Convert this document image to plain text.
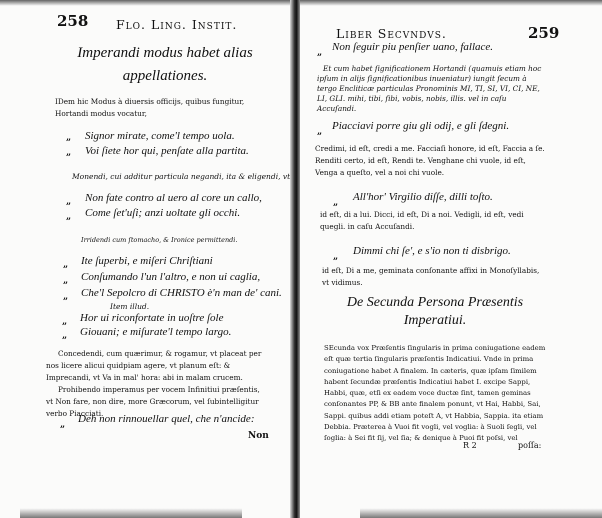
258 Flo. Ling. Instit.
Imperandi modus habet alias
appellationes.
IDem hic Modus à diuersis officijs, quibus fungitur, Hortandi modus vocatur,
„ Signor mirate, come'l tempo uola.
„ Voi ſiete hor qui, penſate alla partita.
Monendi, cui additur particula negandi, ita & eligendi, vt
„ Non fate contro al uero al core un callo,
„ Come ſet'uſi; anzi uoltate gli occhi.
Irridendi cum ſtomacho, & Ironice permittendi.
„ Ite ſuperbi, e miſeri Chriſtiani
„ Conſumando l'un l'altro, e non ui caglia,
„ Che'l Sepolcro di CHRISTO è'n man de' cani.
Item illud.
„ Hor ui riconfortate in uoſtre ſole
„ Giouani; e miſurate'l tempo largo.
Concedendi, cum quærimur, & rogamur, vt placeat per nos licere alicui quidpiam agere, vt planum eſt: & Imprecandi, vt Va in mal' hora: abi in malam crucem.
Prohibendo imperamus per vocem Infinitiui præſentis, vt Non fare, non dire, more Græcorum, vel ſubintelligitur verbo Piacciati.
„ Deh non rinnouellar quel, che n'ancide:
Non
Liber Secvndvs.	259
„ Non ſeguir piu penſier uano, fallace.
Et cum habet ſignificationem Hortandi (quamuis etiam hoc ipſum in alijs ſignificationibus inueniatur) iungit ſecum à tergo Encliticæ particulas Pronominis MI, TI, SI, VI, CI, NE, LI, GLI. mihi, tibi, ſibi, vobis, nobis, illis. vel in caſu Accuſandi.
„ Piacciavi porre giu gli odij, e gli ſdegni.
Credimi, id eſt, credi a me. Facciaſi honore, id eſt, Faccia a ſe. Renditi certo, id eſt, Rendi te. Venghane chi vuole, id eſt, Venga a queſto, vel a noi chi vuole.
„ All'hor' Virgilio diſſe, dilli toſto.
id eſt, di a lui. Dicci, id eſt, Di a noi. Vedigli, id eſt, vedi quegli. in caſu Accuſandi.
„ Dimmi chi ſe', e s'io non ti disbrigo.
id eſt, Di a me, geminata conſonante affixi in Monoſyllabis, vt vidimus.
De Secunda Persona Præsentis
Imperatiui.
SEcunda vox Præſentis ſingularis in prima coniugatione eadem eſt quæ tertia ſingularis præſentis Indicatiui. Vnde in prima coniugatione habet A finalem. In cæteris, quæ ipſam ſimilem habent ſecundæ præſentis Indicatiui habet I. excipe Sappi, Habbi, quæ, etſi ex eadem voce ductæ ſint, tamen geminas conſonantes PP, & BB ante finalem ponunt, vt Hai, Habbi, Sai, Sappi. quibus addi etiam poteſt A, vt Habbia, Sappia. ita etiam Debbia. Præterea à Vuoi fit vogli, vel voglia: à Suoli ſegli, vel ſoglia: à Sei fit ſij, vel ſia; & denique à Puoi fit poſsi, vel
R 2	poſſa:
